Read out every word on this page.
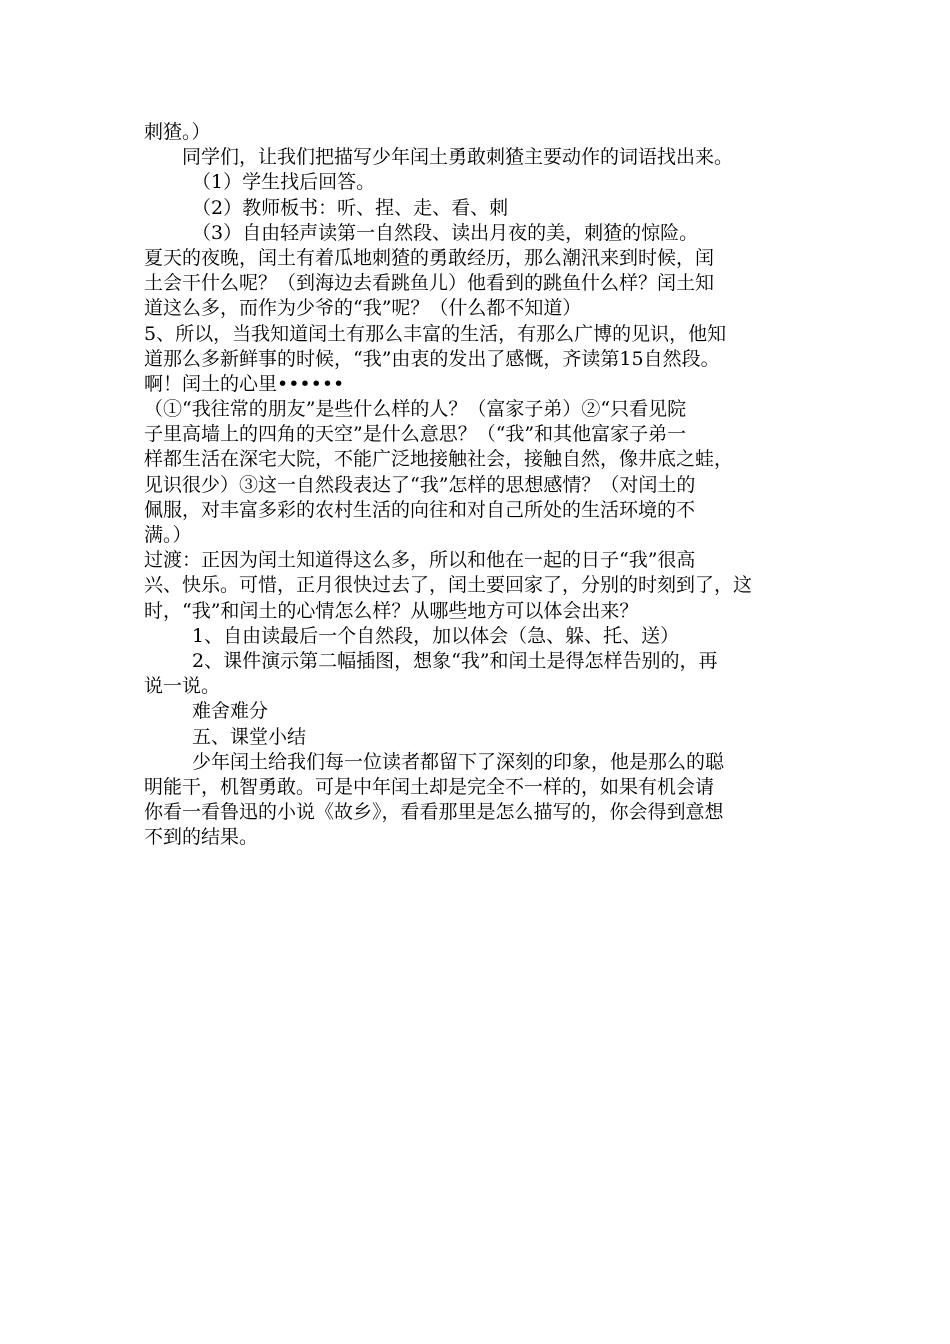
刺猹。）
同学们，让我们把描写少年闰土勇敢刺猹主要动作的词语找出来。
（1）学生找后回答。
（2）教师板书：听、捏、走、看、刺
（3）自由轻声读第一自然段、读出月夜的美，刺猹的惊险。
夏天的夜晚，闰土有着瓜地刺猹的勇敢经历，那么潮汛来到时候，闰
土会干什么呢？（到海边去看跳鱼儿）他看到的跳鱼什么样？闰土知
道这么多，而作为少爷的“我”呢？（什么都不知道）
5、所以，当我知道闰土有那么丰富的生活，有那么广博的见识，他知
道那么多新鲜事的时候，“我”由衷的发出了感慨，齐读第15自然段。
啊！闰土的心里••••••
（①“我往常的朋友”是些什么样的人？（富家子弟）②“只看见院
子里高墙上的四角的天空”是什么意思？（“我”和其他富家子弟一
样都生活在深宅大院，不能广泛地接触社会，接触自然，像井底之蛙，
见识很少）③这一自然段表达了“我”怎样的思想感情？（对闰土的
佩服，对丰富多彩的农村生活的向往和对自己所处的生活环境的不
满。）
过渡：正因为闰土知道得这么多，所以和他在一起的日子“我”很高
兴、快乐。可惜，正月很快过去了，闰土要回家了，分别的时刻到了，这
时，“我”和闰土的心情怎么样？从哪些地方可以体会出来？
1、自由读最后一个自然段，加以体会（急、躲、托、送）
2、课件演示第二幅插图，想象“我”和闰土是得怎样告别的，再
说一说。
难舍难分
五、课堂小结
少年闰土给我们每一位读者都留下了深刻的印象，他是那么的聪
明能干，机智勇敢。可是中年闰土却是完全不一样的，如果有机会请
你看一看鲁迅的小说《故乡》，看看那里是怎么描写的，你会得到意想
不到的结果。
